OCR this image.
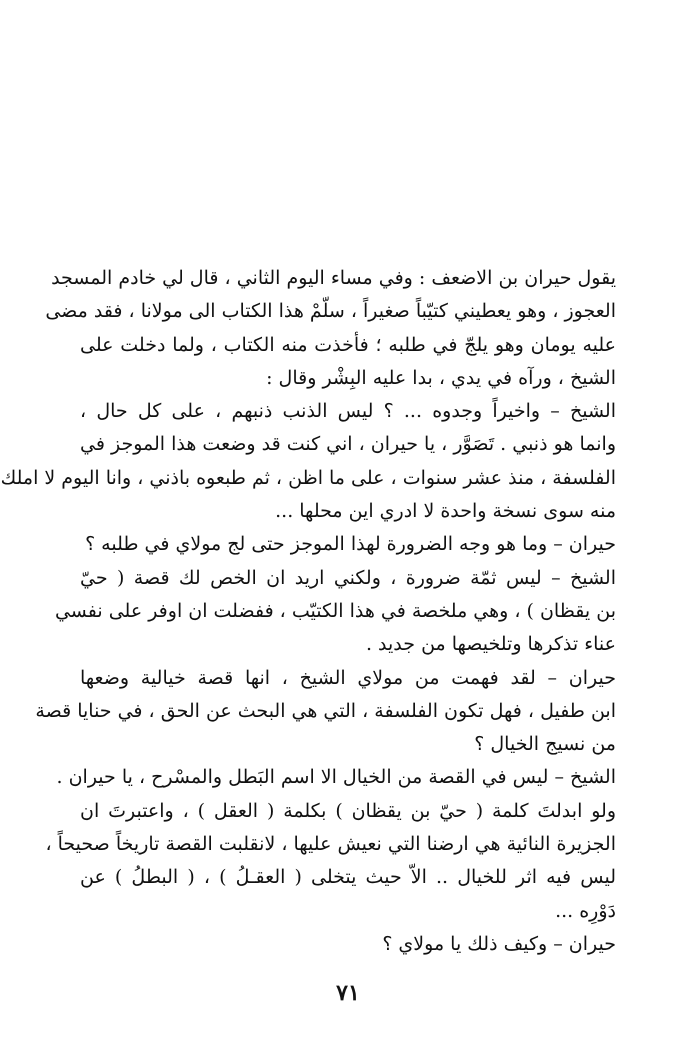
يقول حيران بن الاضعف : وفي مساء اليوم الثاني ، قال لي خادم المسجد
العجوز ، وهو يعطيني كتيّباً صغيراً ، سلّمْ هذا الكتاب الى مولانا ، فقد مضى
عليه يومان وهو يلجّ في طلبه ؛ فأخذت منه الكتاب ، ولما دخلت على
الشيخ ، ورآه في يدي ، بدا عليه البِشْر وقال :
الشيخ – واخيراً وجدوه ... ؟ ليس الذنب ذنبهم ، على كل حال ،
وانما هو ذنبي . تَصَوَّر ، يا حيران ، اني كنت قد وضعت هذا الموجز في
الفلسفة ، منذ عشر سنوات ، على ما اظن ، ثم طبعوه باذني ، وانا اليوم لا املك
منه سوى نسخة واحدة لا ادري اين محلها ...
حيران – وما هو وجه الضرورة لهذا الموجز حتى لج مولاي في طلبه ؟
الشيخ – ليس ثمّة ضرورة ، ولكني اريد ان الخص لك قصة ( حيّ
بن يقظان ) ، وهي ملخصة في هذا الكتيّب ، ففضلت ان اوفر على نفسي
عناء تذكرها وتلخيصها من جديد .
حيران – لقد فهمت من مولاي الشيخ ، انها قصة خيالية وضعها
ابن طفيل ، فهل تكون الفلسفة ، التي هي البحث عن الحق ، في حنايا قصة
من نسيج الخيال ؟
الشيخ – ليس في القصة من الخيال الا اسم البَطل والمسْرح ، يا حيران .
ولو ابدلتَ كلمة ( حيّ بن يقظان ) بكلمة ( العقل ) ، واعتبرتَ ان
الجزيرة النائية هي ارضنا التي نعيش عليها ، لانقلبت القصة تاريخاً صحيحاً ،
ليس فيه اثر للخيال .. الاّ حيث يتخلى ( العقـلُ ) ، ( البطلُ ) عن
دَوْرِه ...
حيران – وكيف ذلك يا مولاي ؟
٧١
